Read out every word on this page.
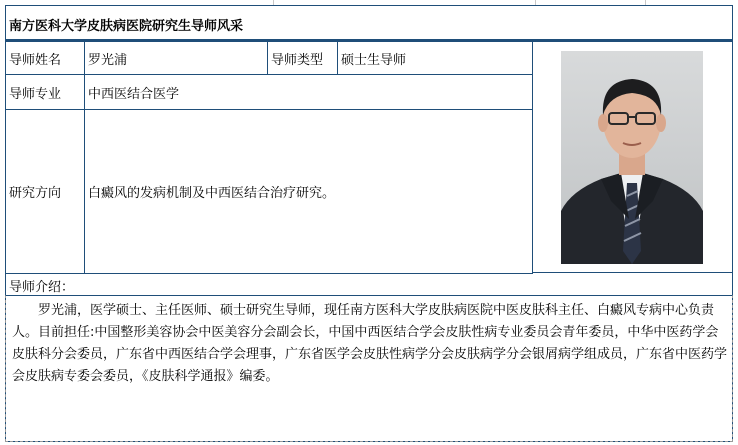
南方医科大学皮肤病医院研究生导师风采
导师姓名 罗光浦	导师类型 硕士生导师
导师专业 中西医结合医学
研究方向 白癜风的发病机制及中西医结合治疗研究。
导师介绍：
罗光浦，医学硕士、主任医师、硕士研究生导师，现任南方医科大学皮肤病医院中医皮肤科主任、白癜风专病中心负责人。目前担任:中国整形美容协会中医美容分会副会长，中国中西医结合学会皮肤性病专业委员会青年委员，中华中医药学会皮肤科分会委员，广东省中西医结合学会理事，广东省医学会皮肤性病学分会皮肤病学分会银屑病学组成员，广东省中医药学会皮肤病专委会委员，《皮肤科学通报》编委。
